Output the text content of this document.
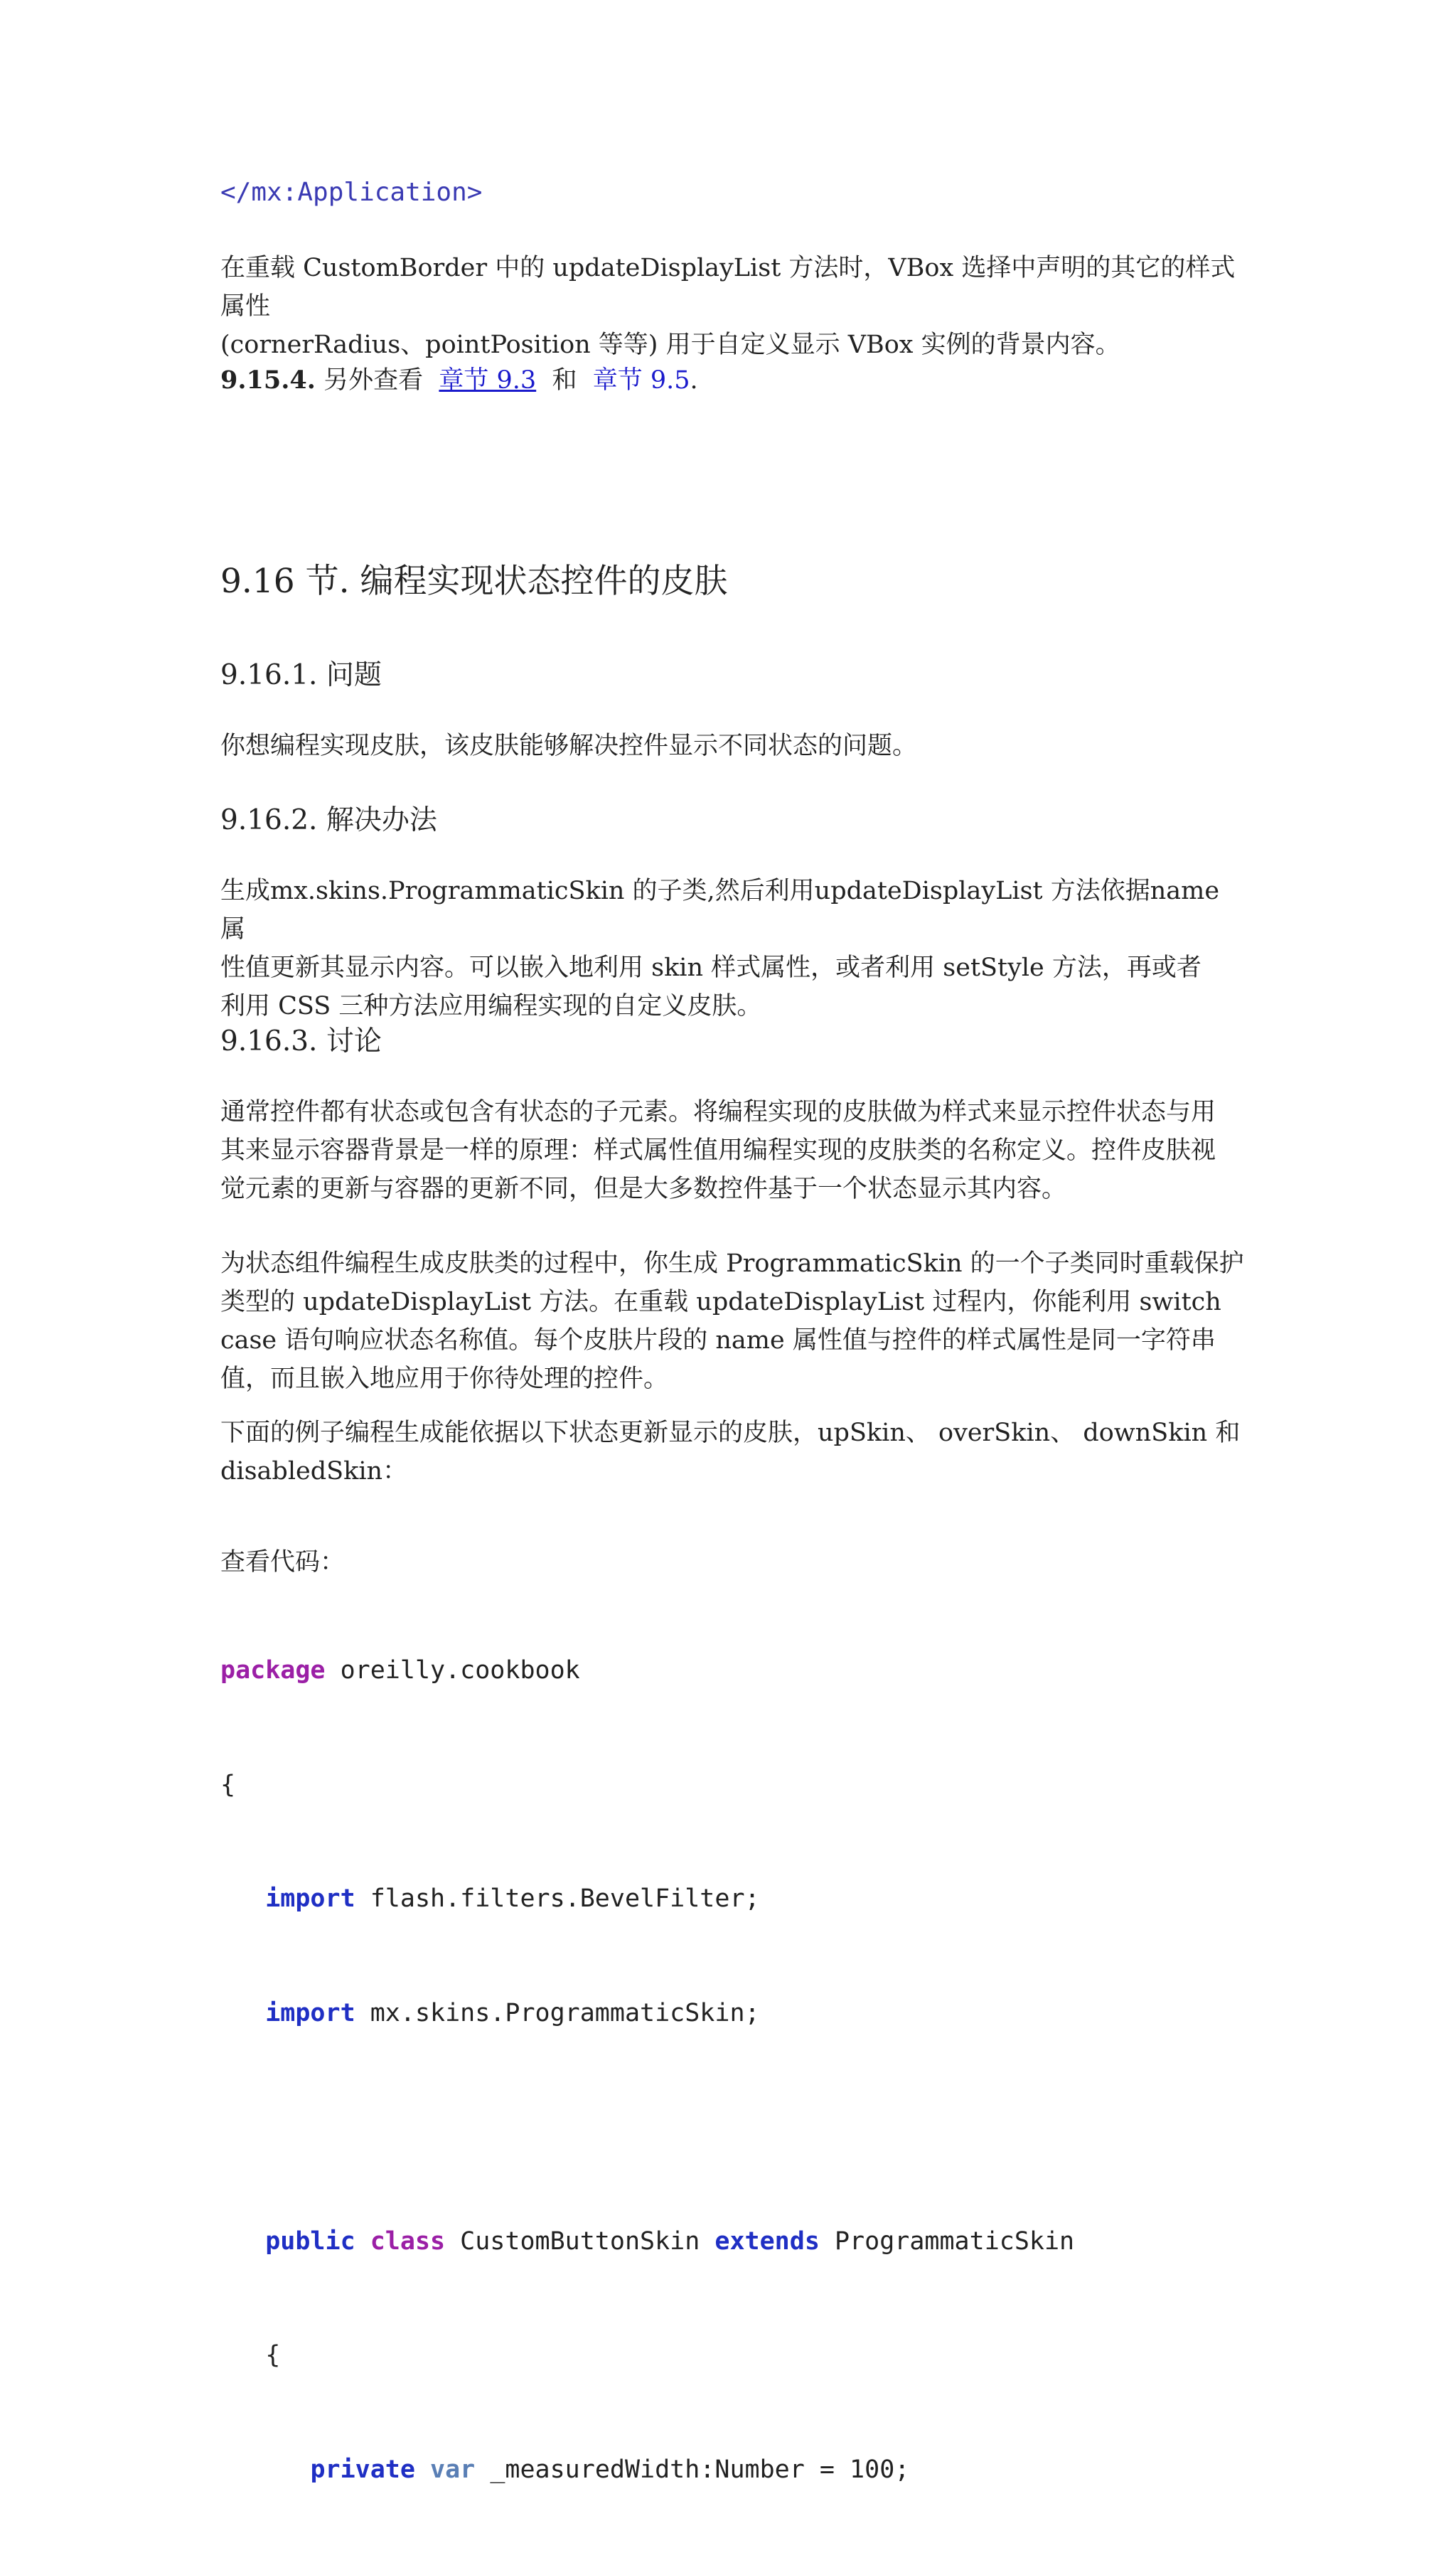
</mx:Application>

在重载 CustomBorder 中的 updateDisplayList 方法时，VBox 选择中声明的其它的样式属性
(cornerRadius、pointPosition 等等) 用于自定义显示 VBox 实例的背景内容。

9.15.4. 另外查看 章节 9.3 和 章节 9.5.
9.16 节. 编程实现状态控件的皮肤
9.16.1. 问题

你想编程实现皮肤，该皮肤能够解决控件显示不同状态的问题。

9.16.2. 解决办法

生成mx.skins.ProgrammaticSkin 的子类,然后利用updateDisplayList 方法依据name 属
性值更新其显示内容。可以嵌入地利用 skin 样式属性，或者利用 setStyle 方法，再或者
利用 CSS 三种方法应用编程实现的自定义皮肤。

9.16.3. 讨论

通常控件都有状态或包含有状态的子元素。将编程实现的皮肤做为样式来显示控件状态与用
其来显示容器背景是一样的原理：样式属性值用编程实现的皮肤类的名称定义。控件皮肤视
觉元素的更新与容器的更新不同，但是大多数控件基于一个状态显示其内容。

为状态组件编程生成皮肤类的过程中，你生成 ProgrammaticSkin 的一个子类同时重载保护
类型的 updateDisplayList 方法。在重载 updateDisplayList 过程内，你能利用 switch
case 语句响应状态名称值。每个皮肤片段的 name 属性值与控件的样式属性是同一字符串
值，而且嵌入地应用于你待处理的控件。

下面的例子编程生成能依据以下状态更新显示的皮肤，upSkin、 overSkin、 downSkin 和
disabledSkin：

查看代码：

package oreilly.cookbook

{

import flash.filters.BevelFilter;

import mx.skins.ProgrammaticSkin;

public class CustomButtonSkin extends ProgrammaticSkin

{

private var _measuredWidth:Number = 100;
